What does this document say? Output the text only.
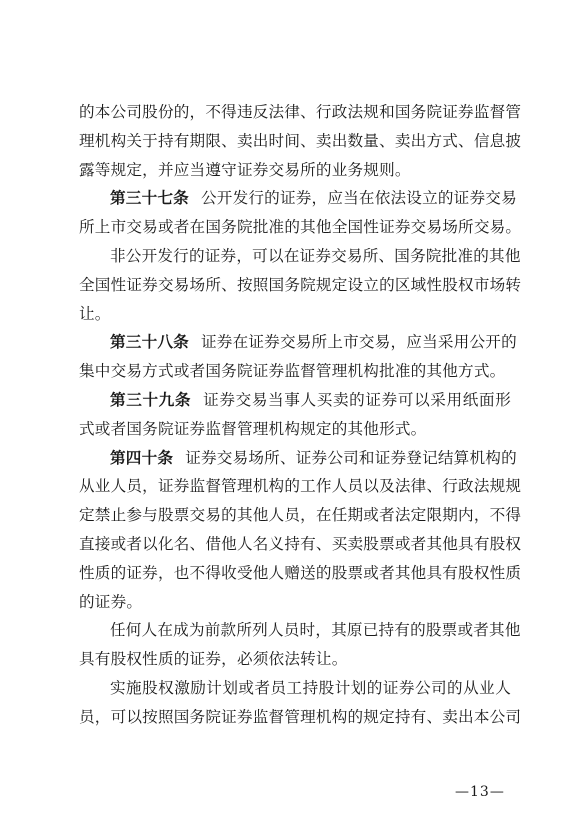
的本公司股份的，不得违反法律、行政法规和国务院证券监督管
理机构关于持有期限、卖出时间、卖出数量、卖出方式、信息披
露等规定，并应当遵守证券交易所的业务规则。
第三十七条 公开发行的证券，应当在依法设立的证券交易
所上市交易或者在国务院批准的其他全国性证券交易场所交易。
非公开发行的证券，可以在证券交易所、国务院批准的其他
全国性证券交易场所、按照国务院规定设立的区域性股权市场转
让。
第三十八条 证券在证券交易所上市交易，应当采用公开的
集中交易方式或者国务院证券监督管理机构批准的其他方式。
第三十九条 证券交易当事人买卖的证券可以采用纸面形
式或者国务院证券监督管理机构规定的其他形式。
第四十条 证券交易场所、证券公司和证券登记结算机构的
从业人员，证券监督管理机构的工作人员以及法律、行政法规规
定禁止参与股票交易的其他人员，在任期或者法定限期内，不得
直接或者以化名、借他人名义持有、买卖股票或者其他具有股权
性质的证券，也不得收受他人赠送的股票或者其他具有股权性质
的证券。
任何人在成为前款所列人员时，其原已持有的股票或者其他
具有股权性质的证券，必须依法转让。
实施股权激励计划或者员工持股计划的证券公司的从业人
员，可以按照国务院证券监督管理机构的规定持有、卖出本公司
—13—
